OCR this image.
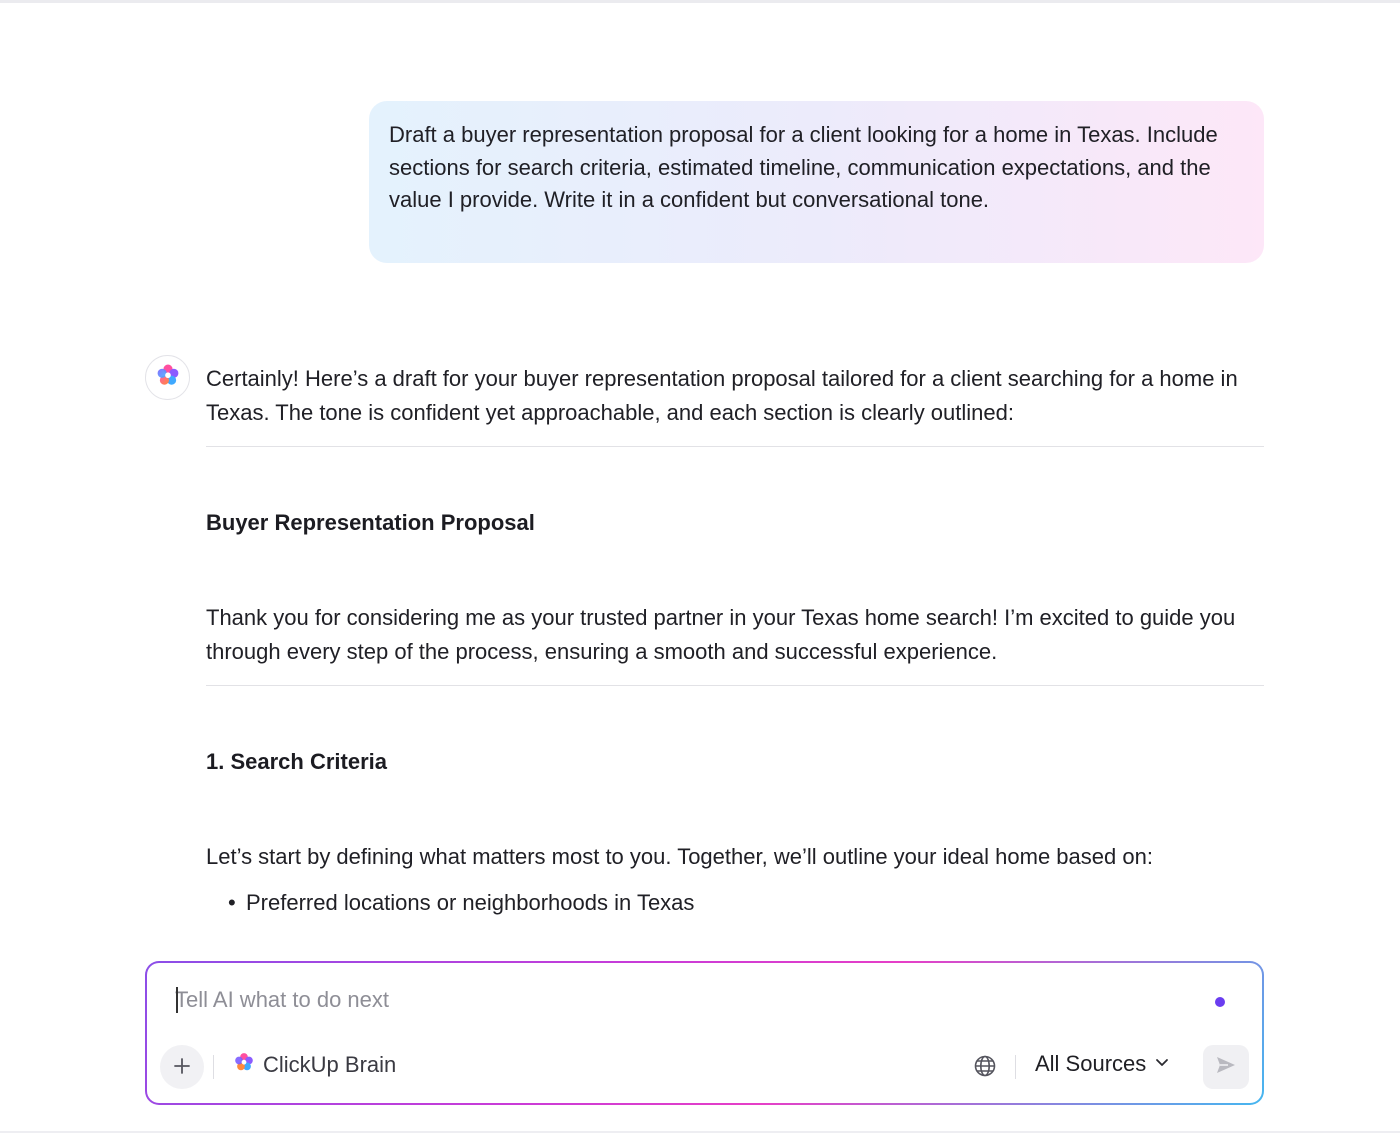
Draft a buyer representation proposal for a client looking for a home in Texas. Include sections for search criteria, estimated timeline, communication expectations, and the value I provide. Write it in a confident but conversational tone.
Certainly! Here’s a draft for your buyer representation proposal tailored for a client searching for a home in Texas. The tone is confident yet approachable, and each section is clearly outlined:
Buyer Representation Proposal
Thank you for considering me as your trusted partner in your Texas home search! I’m excited to guide you through every step of the process, ensuring a smooth and successful experience.
1. Search Criteria
Let’s start by defining what matters most to you. Together, we’ll outline your ideal home based on:
• Preferred locations or neighborhoods in Texas
Tell AI what to do next
ClickUp Brain	All Sources
